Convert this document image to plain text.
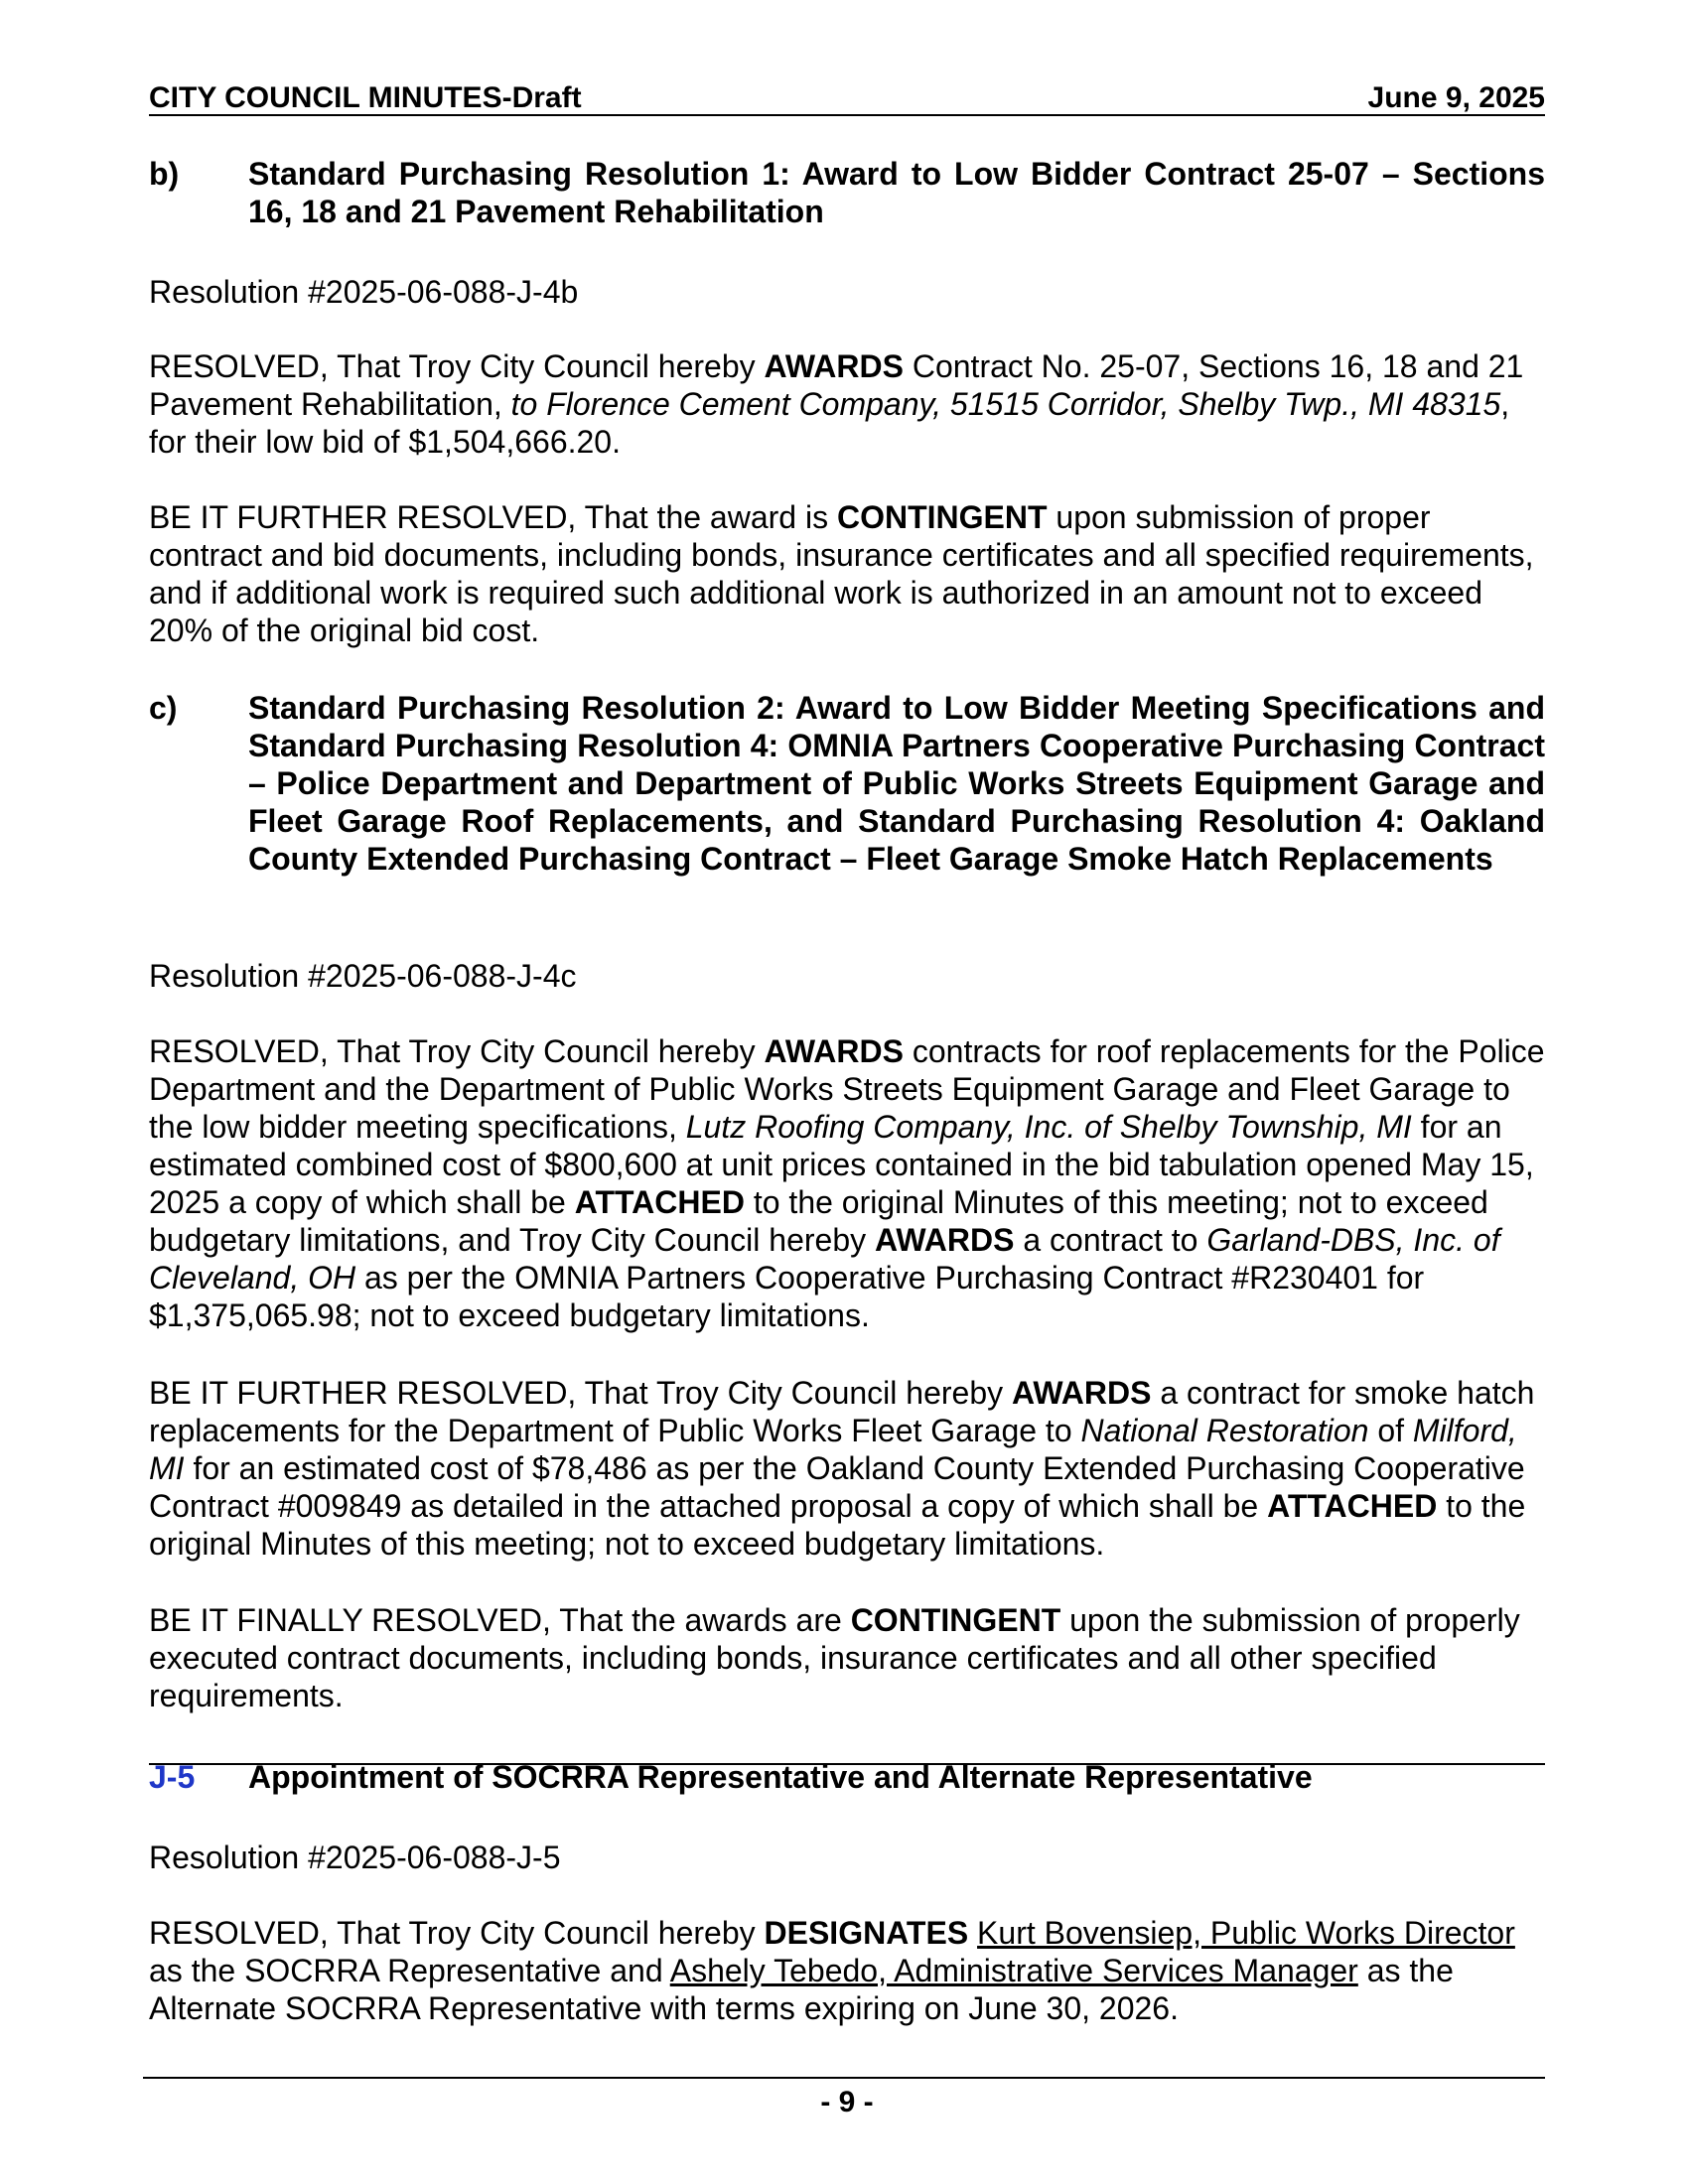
CITY COUNCIL MINUTES-Draft	June 9, 2025
b) Standard Purchasing Resolution 1: Award to Low Bidder Contract 25-07 – Sections 16, 18 and 21 Pavement Rehabilitation
Resolution #2025-06-088-J-4b

RESOLVED, That Troy City Council hereby AWARDS Contract No. 25-07, Sections 16, 18 and 21 Pavement Rehabilitation, to Florence Cement Company, 51515 Corridor, Shelby Twp., MI 48315, for their low bid of $1,504,666.20.

BE IT FURTHER RESOLVED, That the award is CONTINGENT upon submission of proper contract and bid documents, including bonds, insurance certificates and all specified requirements, and if additional work is required such additional work is authorized in an amount not to exceed 20% of the original bid cost.

c) Standard Purchasing Resolution 2: Award to Low Bidder Meeting Specifications and Standard Purchasing Resolution 4: OMNIA Partners Cooperative Purchasing Contract – Police Department and Department of Public Works Streets Equipment Garage and Fleet Garage Roof Replacements, and Standard Purchasing Resolution 4: Oakland County Extended Purchasing Contract – Fleet Garage Smoke Hatch Replacements
Resolution #2025-06-088-J-4c

RESOLVED, That Troy City Council hereby AWARDS contracts for roof replacements for the Police Department and the Department of Public Works Streets Equipment Garage and Fleet Garage to the low bidder meeting specifications, Lutz Roofing Company, Inc. of Shelby Township, MI for an estimated combined cost of $800,600 at unit prices contained in the bid tabulation opened May 15, 2025 a copy of which shall be ATTACHED to the original Minutes of this meeting; not to exceed budgetary limitations, and Troy City Council hereby AWARDS a contract to Garland-DBS, Inc. of Cleveland, OH as per the OMNIA Partners Cooperative Purchasing Contract #R230401 for $1,375,065.98; not to exceed budgetary limitations.

BE IT FURTHER RESOLVED, That Troy City Council hereby AWARDS a contract for smoke hatch replacements for the Department of Public Works Fleet Garage to National Restoration of Milford, MI for an estimated cost of $78,486 as per the Oakland County Extended Purchasing Cooperative Contract #009849 as detailed in the attached proposal a copy of which shall be ATTACHED to the original Minutes of this meeting; not to exceed budgetary limitations.

BE IT FINALLY RESOLVED, That the awards are CONTINGENT upon the submission of properly executed contract documents, including bonds, insurance certificates and all other specified requirements.

J-5 Appointment of SOCRRA Representative and Alternate Representative
Resolution #2025-06-088-J-5

RESOLVED, That Troy City Council hereby DESIGNATES Kurt Bovensiep, Public Works Director as the SOCRRA Representative and Ashely Tebedo, Administrative Services Manager as the Alternate SOCRRA Representative with terms expiring on June 30, 2026.

- 9 -
